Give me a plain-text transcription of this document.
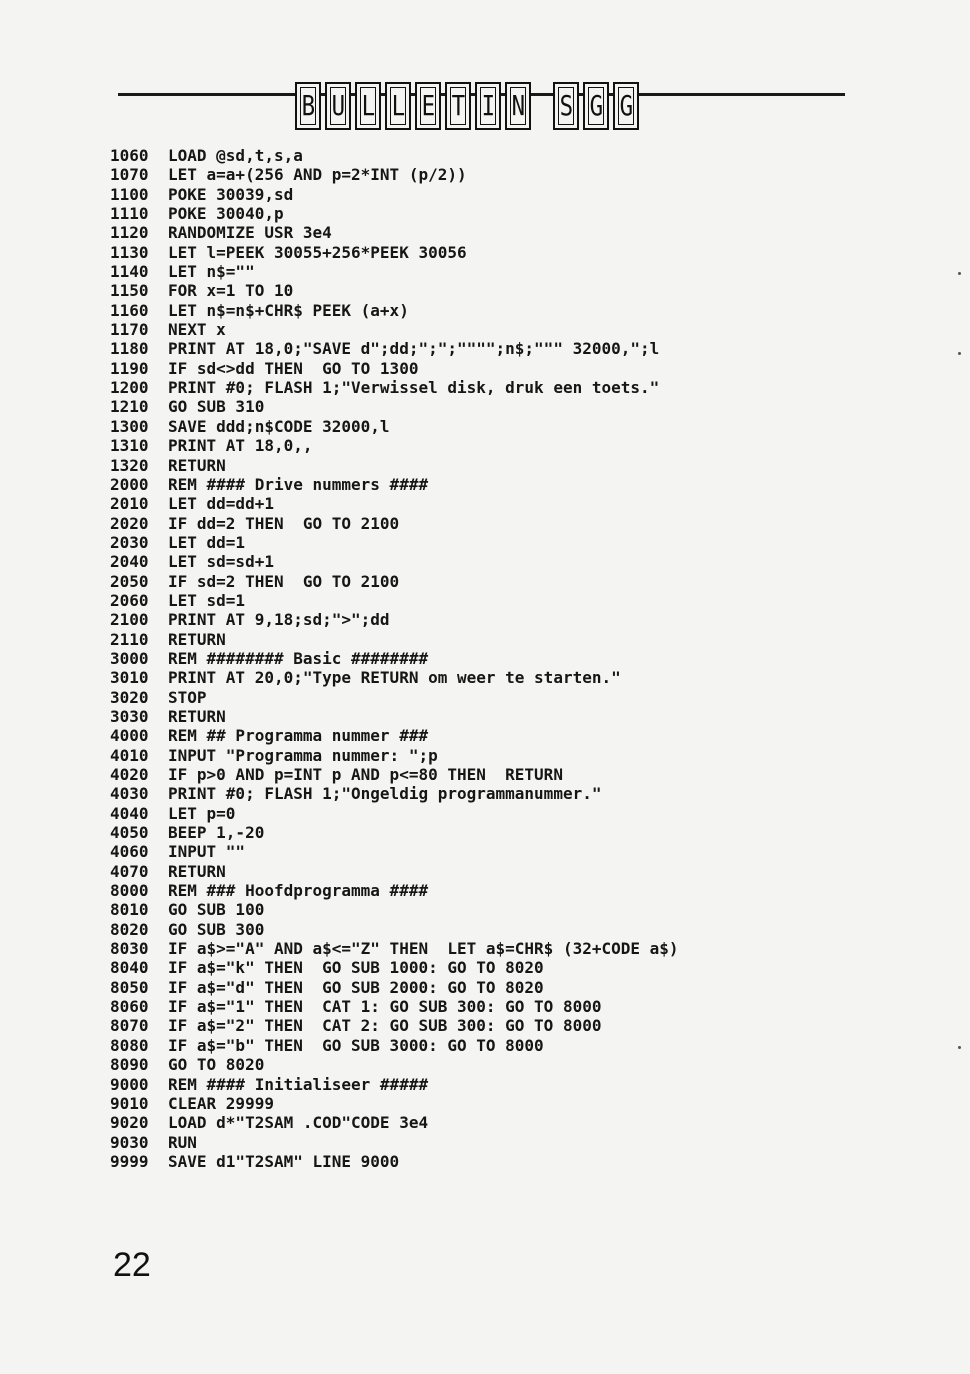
B U L L E T I N S G G
1060 LOAD @sd,t,s,a
1070 LET a=a+(256 AND p=2*INT (p/2))
1100 POKE 30039,sd
1110 POKE 30040,p
1120 RANDOMIZE USR 3e4
1130 LET l=PEEK 30055+256*PEEK 30056
1140 LET n$=""
1150 FOR x=1 TO 10
1160 LET n$=n$+CHR$ PEEK (a+x)
1170 NEXT x
1180 PRINT AT 18,0;"SAVE d";dd;";";"""";n$;""" 32000,";l
1190 IF sd<>dd THEN  GO TO 1300
1200 PRINT #0; FLASH 1;"Verwissel disk, druk een toets."
1210 GO SUB 310
1300 SAVE ddd;n$CODE 32000,l
1310 PRINT AT 18,0,,
1320 RETURN
2000 REM #### Drive nummers ####
2010 LET dd=dd+1
2020 IF dd=2 THEN  GO TO 2100
2030 LET dd=1
2040 LET sd=sd+1
2050 IF sd=2 THEN  GO TO 2100
2060 LET sd=1
2100 PRINT AT 9,18;sd;">";dd
2110 RETURN
3000 REM ######## Basic ########
3010 PRINT AT 20,0;"Type RETURN om weer te starten."
3020 STOP
3030 RETURN
4000 REM ## Programma nummer ###
4010 INPUT "Programma nummer: ";p
4020 IF p>0 AND p=INT p AND p<=80 THEN  RETURN
4030 PRINT #0; FLASH 1;"Ongeldig programmanummer."
4040 LET p=0
4050 BEEP 1,-20
4060 INPUT ""
4070 RETURN
8000 REM ### Hoofdprogramma ####
8010 GO SUB 100
8020 GO SUB 300
8030 IF a$>="A" AND a$<="Z" THEN  LET a$=CHR$ (32+CODE a$)
8040 IF a$="k" THEN  GO SUB 1000: GO TO 8020
8050 IF a$="d" THEN  GO SUB 2000: GO TO 8020
8060 IF a$="1" THEN  CAT 1: GO SUB 300: GO TO 8000
8070 IF a$="2" THEN  CAT 2: GO SUB 300: GO TO 8000
8080 IF a$="b" THEN  GO SUB 3000: GO TO 8000
8090 GO TO 8020
9000 REM #### Initialiseer #####
9010 CLEAR 29999
9020 LOAD d*"T2SAM .COD"CODE 3e4
9030 RUN
9999 SAVE d1"T2SAM" LINE 9000
22
